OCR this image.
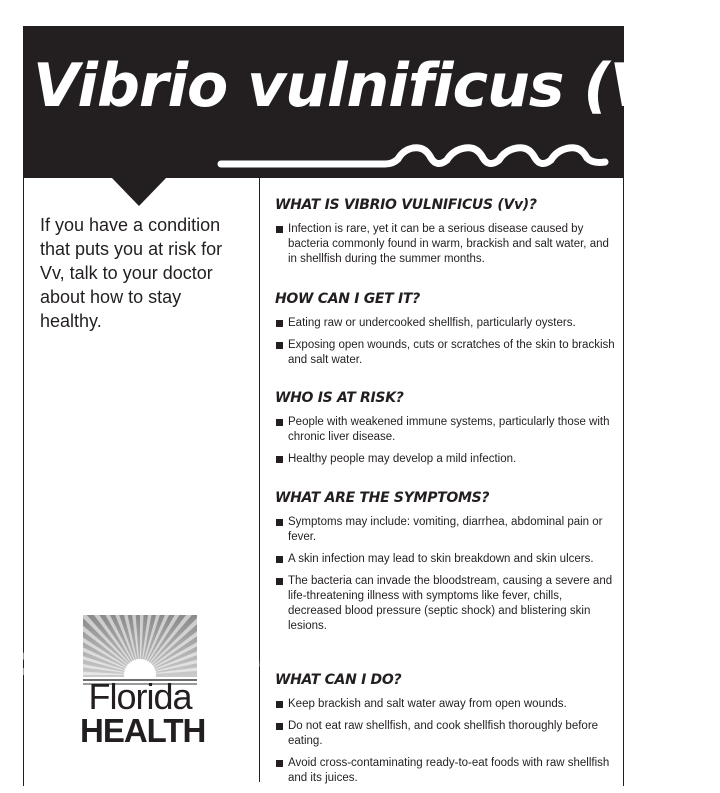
Vibrio vulnificus (Vv)

If you have a condition that puts you at risk for Vv, talk to your doctor about how to stay healthy.

Florida
HEALTH
WHAT IS VIBRIO VULNIFICUS (Vv)?
Infection is rare, yet it can be a serious disease caused by bacteria commonly found in warm, brackish and salt water, and in shellfish during the summer months.
HOW CAN I GET IT?
Eating raw or undercooked shellfish, particularly oysters.
Exposing open wounds, cuts or scratches of the skin to brackish and salt water.
WHO IS AT RISK?
People with weakened immune systems, particularly those with chronic liver disease.
Healthy people may develop a mild infection.
WHAT ARE THE SYMPTOMS?
Symptoms may include: vomiting, diarrhea, abdominal pain or fever.
A skin infection may lead to skin breakdown and skin ulcers.
The bacteria can invade the bloodstream, causing a severe and life-threatening illness with symptoms like fever, chills, decreased blood pressure (septic shock) and blistering skin lesions.
WHAT CAN I DO?
Keep brackish and salt water away from open wounds.
Do not eat raw shellfish, and cook shellfish thoroughly before eating.
Avoid cross-contaminating ready-to-eat foods with raw shellfish and its juices.
